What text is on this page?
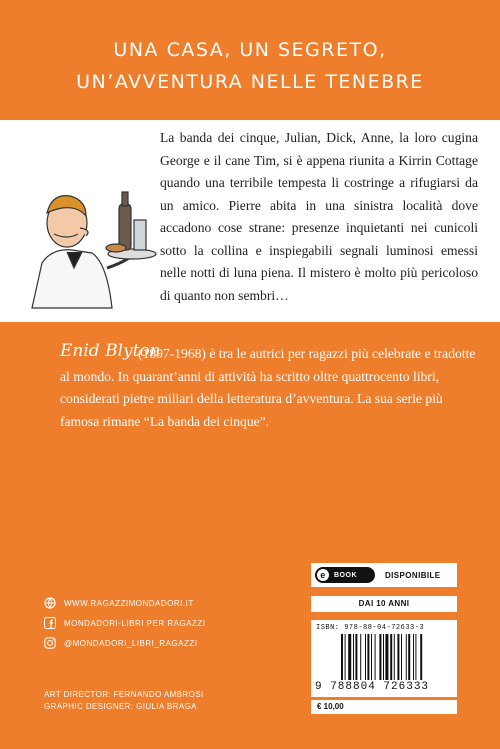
UNA CASA, UN SEGRETO,
UN’AVVENTURA NELLE TENEBRE
La banda dei cinque, Julian, Dick, Anne, la loro cugina George e il cane Tim, si è appena riunita a Kirrin Cottage quando una terribile tempesta li costringe a rifugiarsi da un amico. Pierre abita in una sinistra località dove accadono cose strane: presenze inquietanti nei cunicoli sotto la collina e inspiegabili segnali luminosi emessi nelle notti di luna piena. Il mistero è molto più pericoloso di quanto non sembri…
Enid Blyton
(1897-1968) è tra le autrici per ragazzi più celebrate e tradotte al mondo. In quarant’anni di attività ha scritto oltre quattrocento libri, considerati pietre miliari della letteratura d’avventura. La sua serie più famosa rimane “La banda dei cinque”.
WWW.RAGAZZIMONDADORI.IT
MONDADORI-LIBRI PER RAGAZZI
@MONDADORI_LIBRI_RAGAZZI
ART DIRECTOR: FERNANDO AMBROSI
GRAPHIC DESIGNER: GIULIA BRAGA
e	BOOK	DISPONIBILE
DAI 10 ANNI
ISBN: 978-88-04-72633-3
9 788804 726333
€ 10,00
